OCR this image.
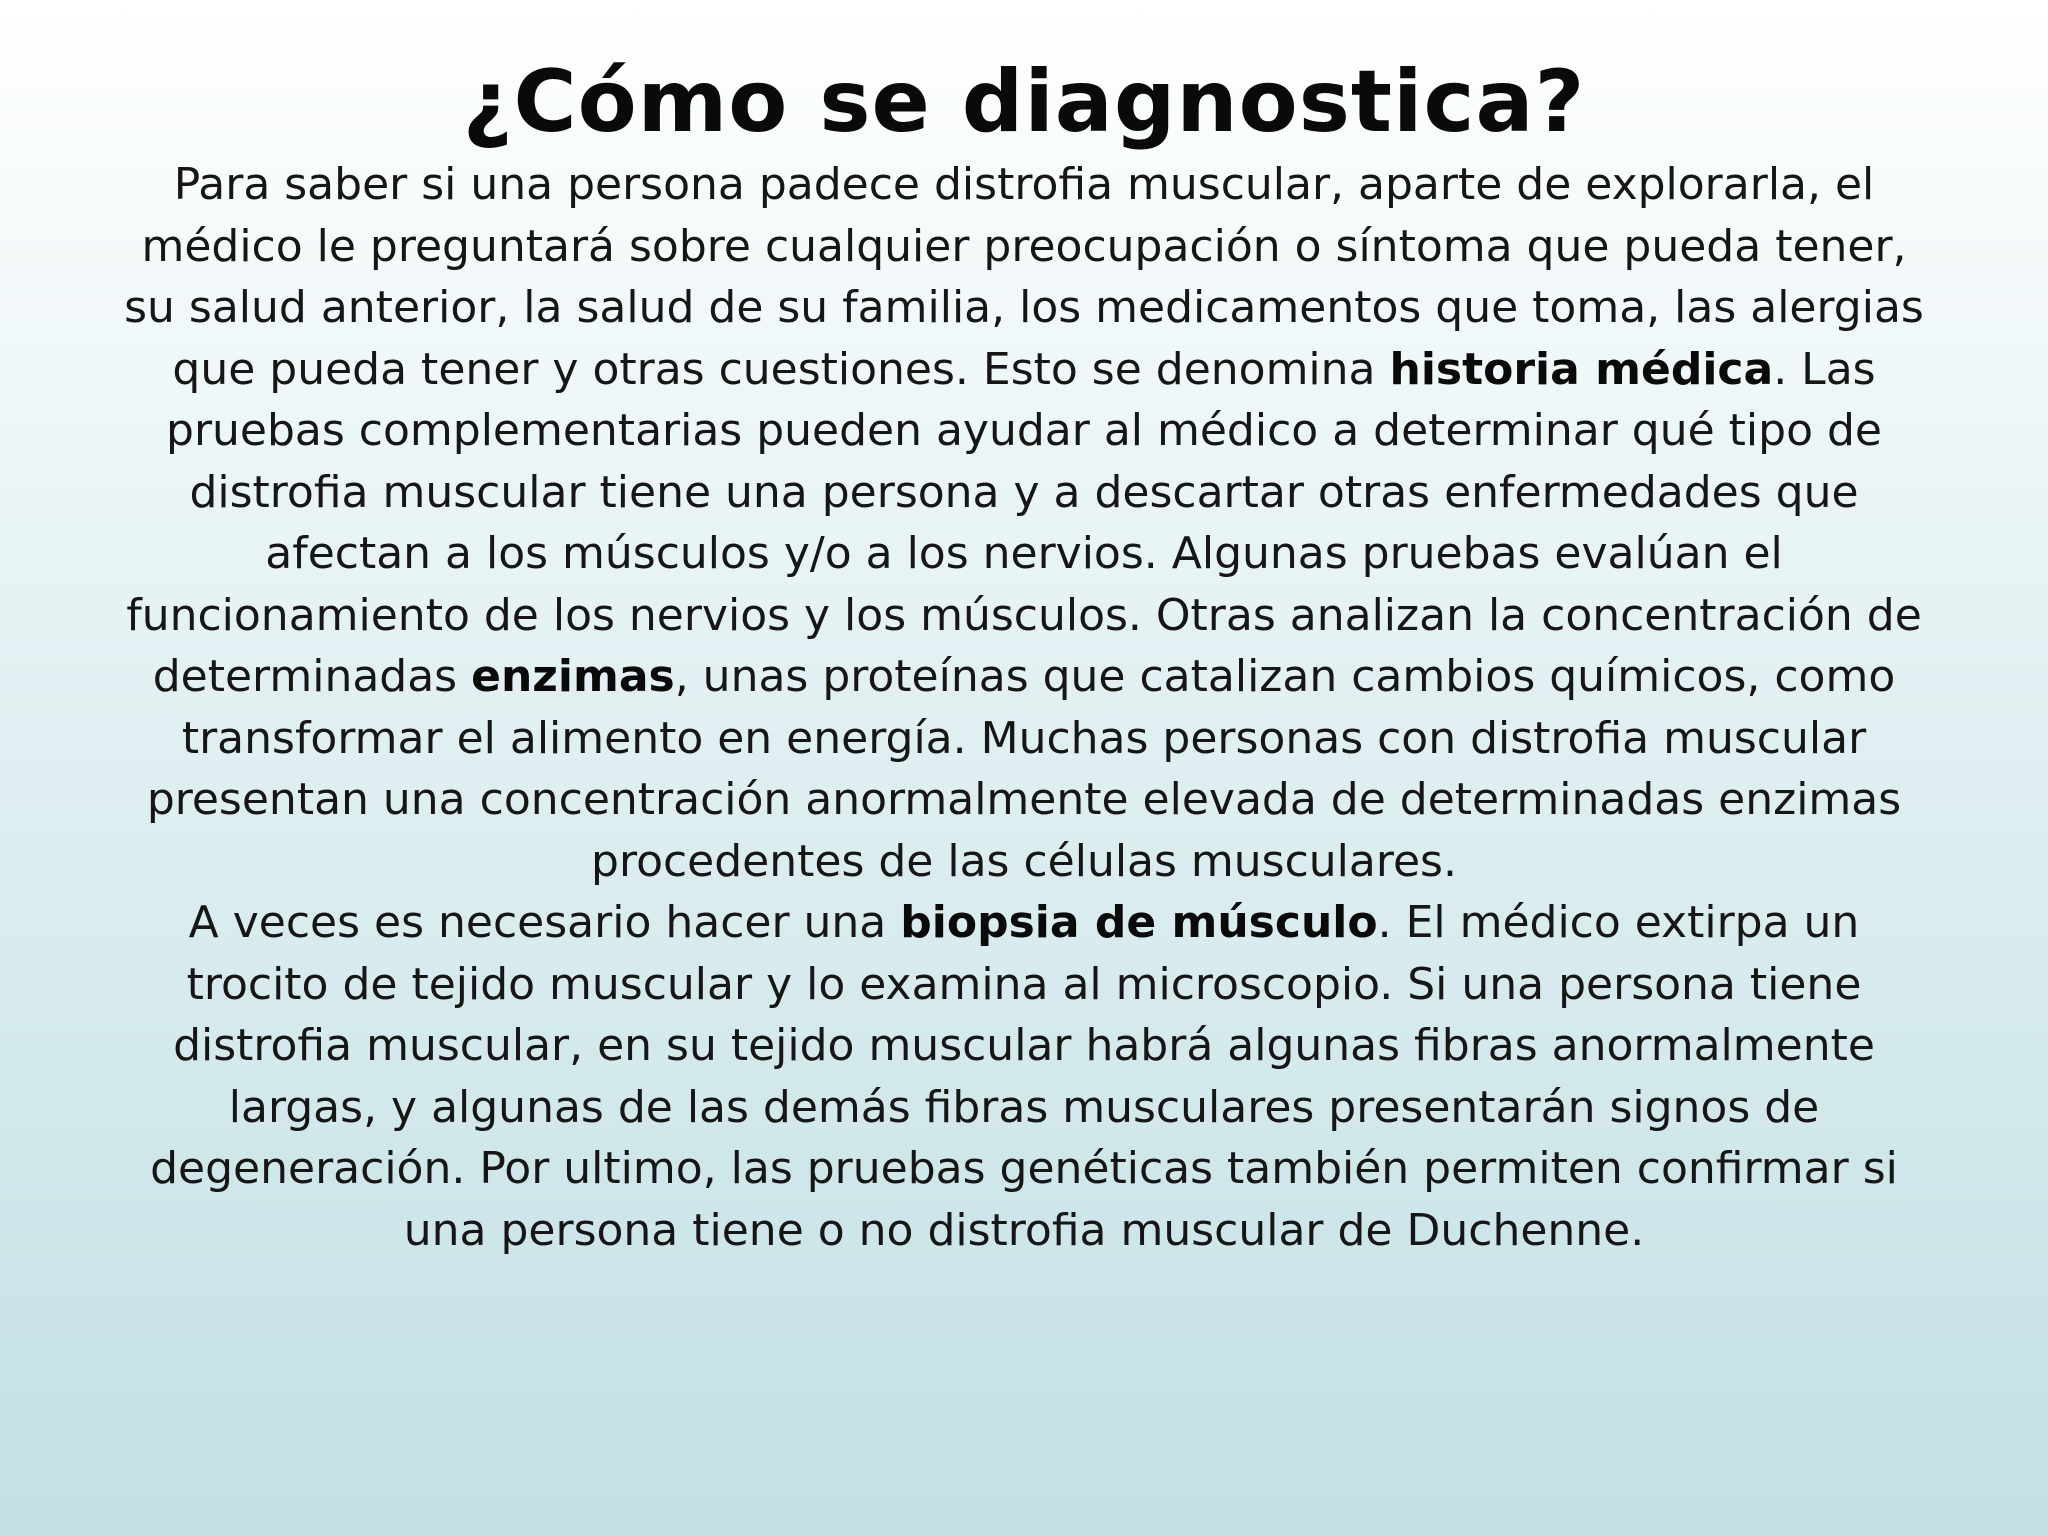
¿Cómo se diagnostica?

Para saber si una persona padece distrofia muscular, aparte de explorarla, el médico le preguntará sobre cualquier preocupación o síntoma que pueda tener, su salud anterior, la salud de su familia, los medicamentos que toma, las alergias que pueda tener y otras cuestiones. Esto se denomina historia médica. Las pruebas complementarias pueden ayudar al médico a determinar qué tipo de distrofia muscular tiene una persona y a descartar otras enfermedades que afectan a los músculos y/o a los nervios. Algunas pruebas evalúan el funcionamiento de los nervios y los músculos. Otras analizan la concentración de determinadas enzimas, unas proteínas que catalizan cambios químicos, como transformar el alimento en energía. Muchas personas con distrofia muscular presentan una concentración anormalmente elevada de determinadas enzimas procedentes de las células musculares.

A veces es necesario hacer una biopsia de músculo. El médico extirpa un trocito de tejido muscular y lo examina al microscopio. Si una persona tiene distrofia muscular, en su tejido muscular habrá algunas fibras anormalmente largas, y algunas de las demás fibras musculares presentarán signos de degeneración. Por ultimo, las pruebas genéticas también permiten confirmar si una persona tiene o no distrofia muscular de Duchenne.
